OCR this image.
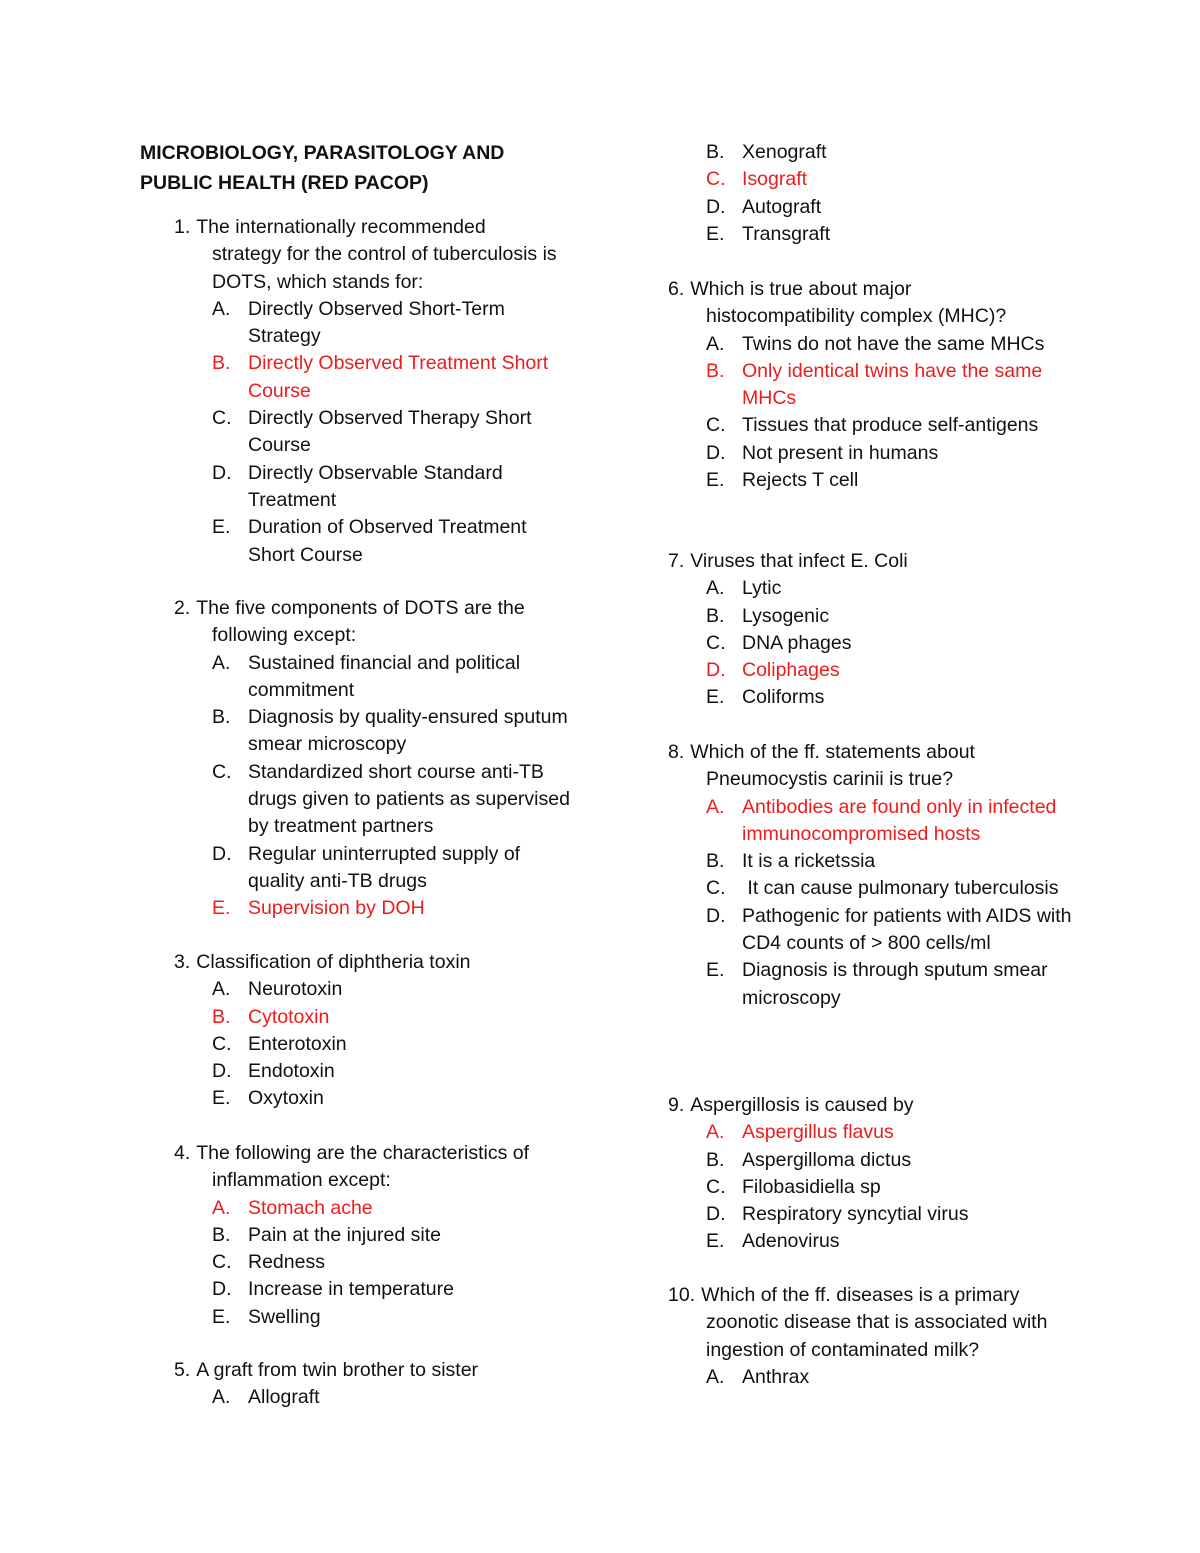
MICROBIOLOGY, PARASITOLOGY AND
PUBLIC HEALTH (RED PACOP)
1. The internationally recommended
strategy for the control of tuberculosis is DOTS, which stands for:
A. Directly Observed Short-Term Strategy
B. Directly Observed Treatment Short Course
C. Directly Observed Therapy Short Course
D. Directly Observable Standard Treatment
E. Duration of Observed Treatment Short Course
2. The five components of DOTS are the
following except:
A. Sustained financial and political commitment
B. Diagnosis by quality-ensured sputum smear microscopy
C. Standardized short course anti-TB drugs given to patients as supervised by treatment partners
D. Regular uninterrupted supply of quality anti-TB drugs
E. Supervision by DOH
3. Classification of diphtheria toxin
A. Neurotoxin
B. Cytotoxin
C. Enterotoxin
D. Endotoxin
E. Oxytoxin
4. The following are the characteristics of
inflammation except:
A. Stomach ache
B. Pain at the injured site
C. Redness
D. Increase in temperature
E. Swelling
5. A graft from twin brother to sister
A. Allograft
B. Xenograft
C. Isograft
D. Autograft
E. Transgraft
6. Which is true about major
histocompatibility complex (MHC)?
A. Twins do not have the same MHCs
B. Only identical twins have the same MHCs
C. Tissues that produce self-antigens
D. Not present in humans
E. Rejects T cell
7. Viruses that infect E. Coli
A. Lytic
B. Lysogenic
C. DNA phages
D. Coliphages
E. Coliforms
8. Which of the ff. statements about
Pneumocystis carinii is true?
A. Antibodies are found only in infected immunocompromised hosts
B. It is a ricketssia
C. It can cause pulmonary tuberculosis
D. Pathogenic for patients with AIDS with CD4 counts of > 800 cells/ml
E. Diagnosis is through sputum smear microscopy
9. Aspergillosis is caused by
A. Aspergillus flavus
B. Aspergilloma dictus
C. Filobasidiella sp
D. Respiratory syncytial virus
E. Adenovirus
10. Which of the ff. diseases is a primary
zoonotic disease that is associated with ingestion of contaminated milk?
A. Anthrax
